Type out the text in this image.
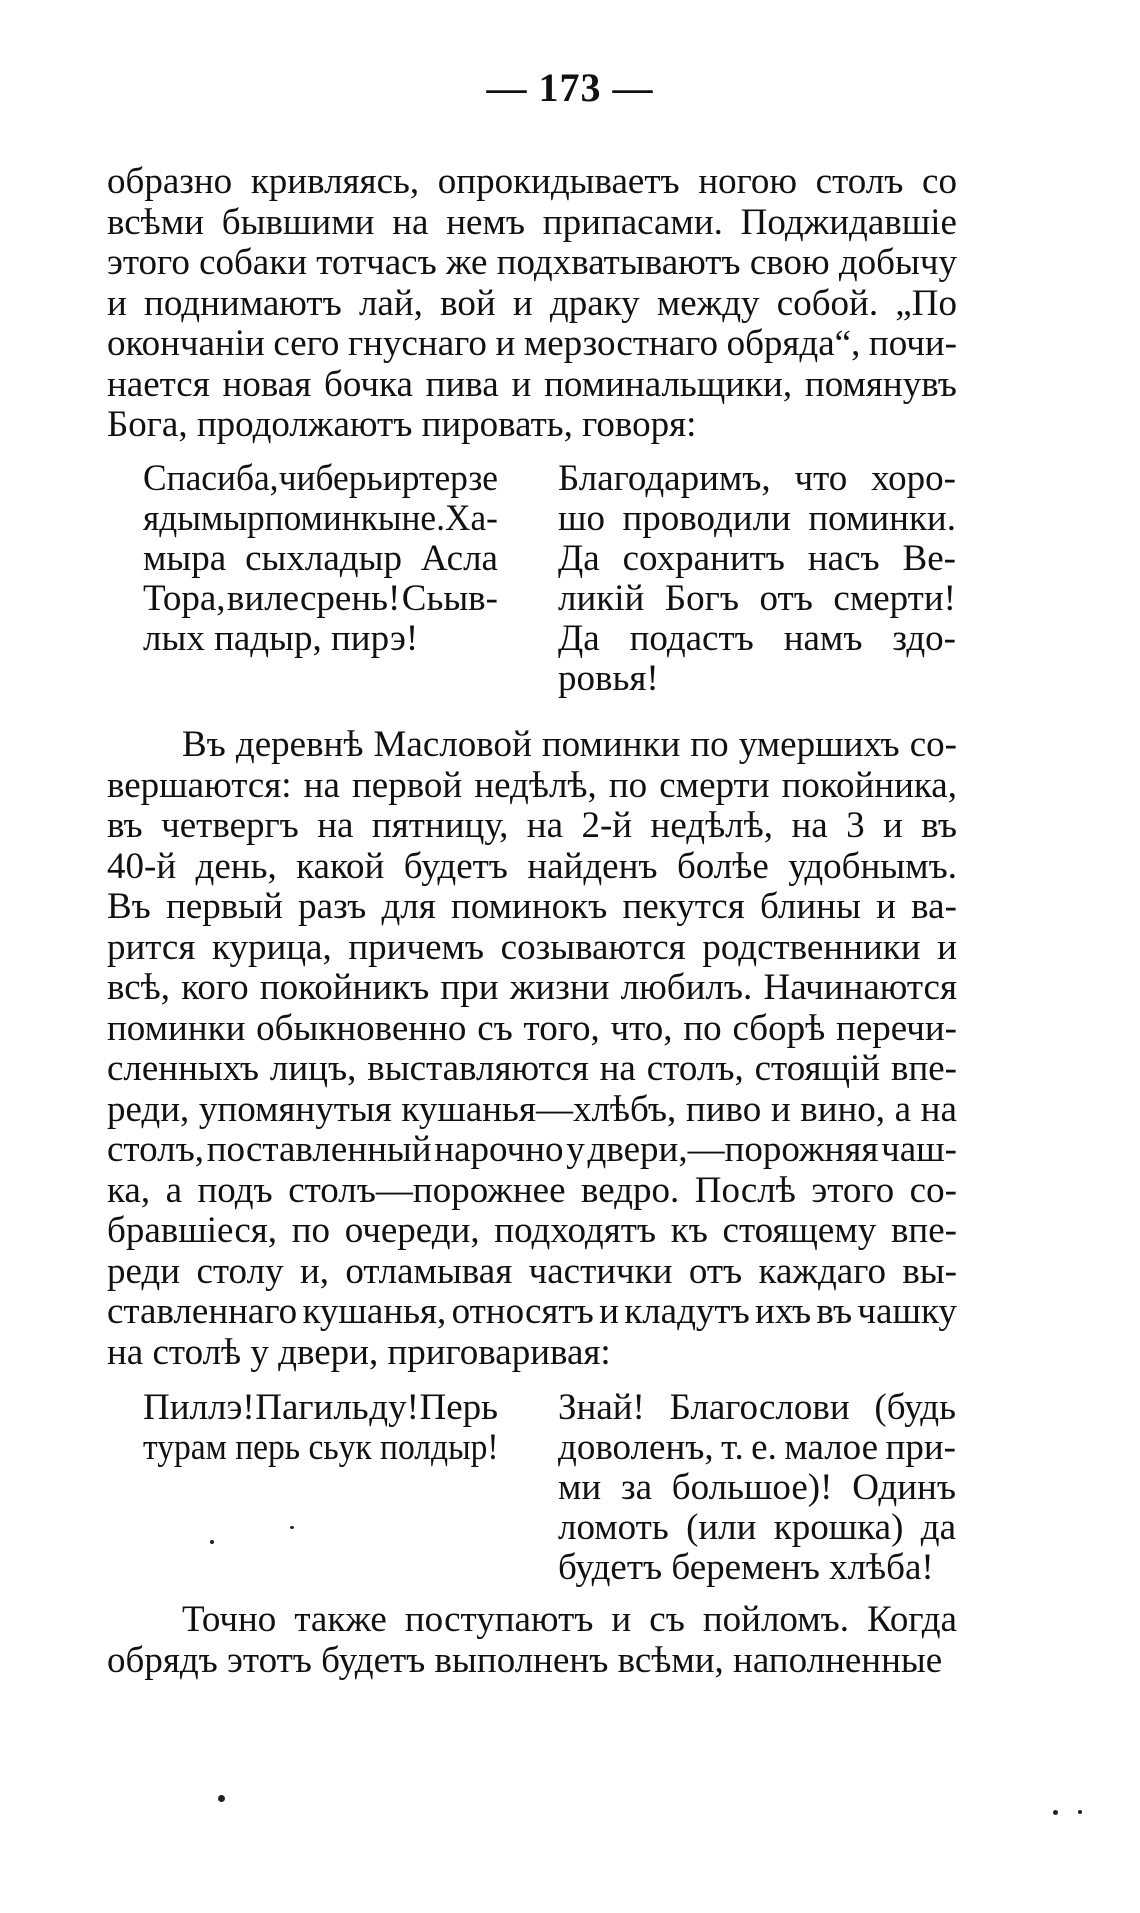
— 173 —
образно кривляясь, опрокидываетъ ногою столъ со
всѣми бывшими на немъ припасами. Поджидавшiе
этого собаки тотчасъ же подхватываютъ свою добычу
и поднимаютъ лай, вой и драку между собой. „По
окончанiи сего гнуснаго и мерзостнаго обряда“, почи-
нается новая бочка пива и поминальщики, помянувъ
Бога, продолжаютъ пировать, говоря:
Спасиба, чиберь иртерзе
ядымыр поминкыне. Ха-
мыра сыхладыр Асла
Тора, вилесрень! Сьыв-
лых падыр, пирэ!
Благодаримъ, что хоро-
шо проводили поминки.
Да сохранитъ насъ Ве-
ликiй Богъ отъ смерти!
Да подастъ намъ здо-
ровья!
Въ деревнѣ Масловой поминки по умершихъ со-
вершаются: на первой недѣлѣ, по смерти покойника,
въ четвергъ на пятницу, на 2-й недѣлѣ, на 3 и въ
40-й день, какой будетъ найденъ болѣе удобнымъ.
Въ первый разъ для поминокъ пекутся блины и ва-
рится курица, причемъ созываются родственники и
всѣ, кого покойникъ при жизни любилъ. Начинаются
поминки обыкновенно съ того, что, по сборѣ перечи-
сленныхъ лицъ, выставляются на столъ, стоящiй впе-
реди, упомянутыя кушанья—хлѣбъ, пиво и вино, а на
столъ, поставленный нарочно у двери,—порожняя чаш-
ка, а подъ столъ—порожнее ведро. Послѣ этого со-
бравшiеся, по очереди, подходятъ къ стоящему впе-
реди столу и, отламывая частички отъ каждаго вы-
ставленнаго кушанья, относятъ и кладутъ ихъ въ чашку
на столѣ у двери, приговаривая:
Пиллэ! Пагиль ду! Перь
турам перь сьук полдыр!
Знай! Благослови (будь
доволенъ, т. е. малое при-
ми за большое)! Одинъ
ломоть (или крошка) да
будетъ беременъ хлѣба!
Точно также поступаютъ и съ пойломъ. Когда
обрядъ этотъ будетъ выполненъ всѣми, наполненные
